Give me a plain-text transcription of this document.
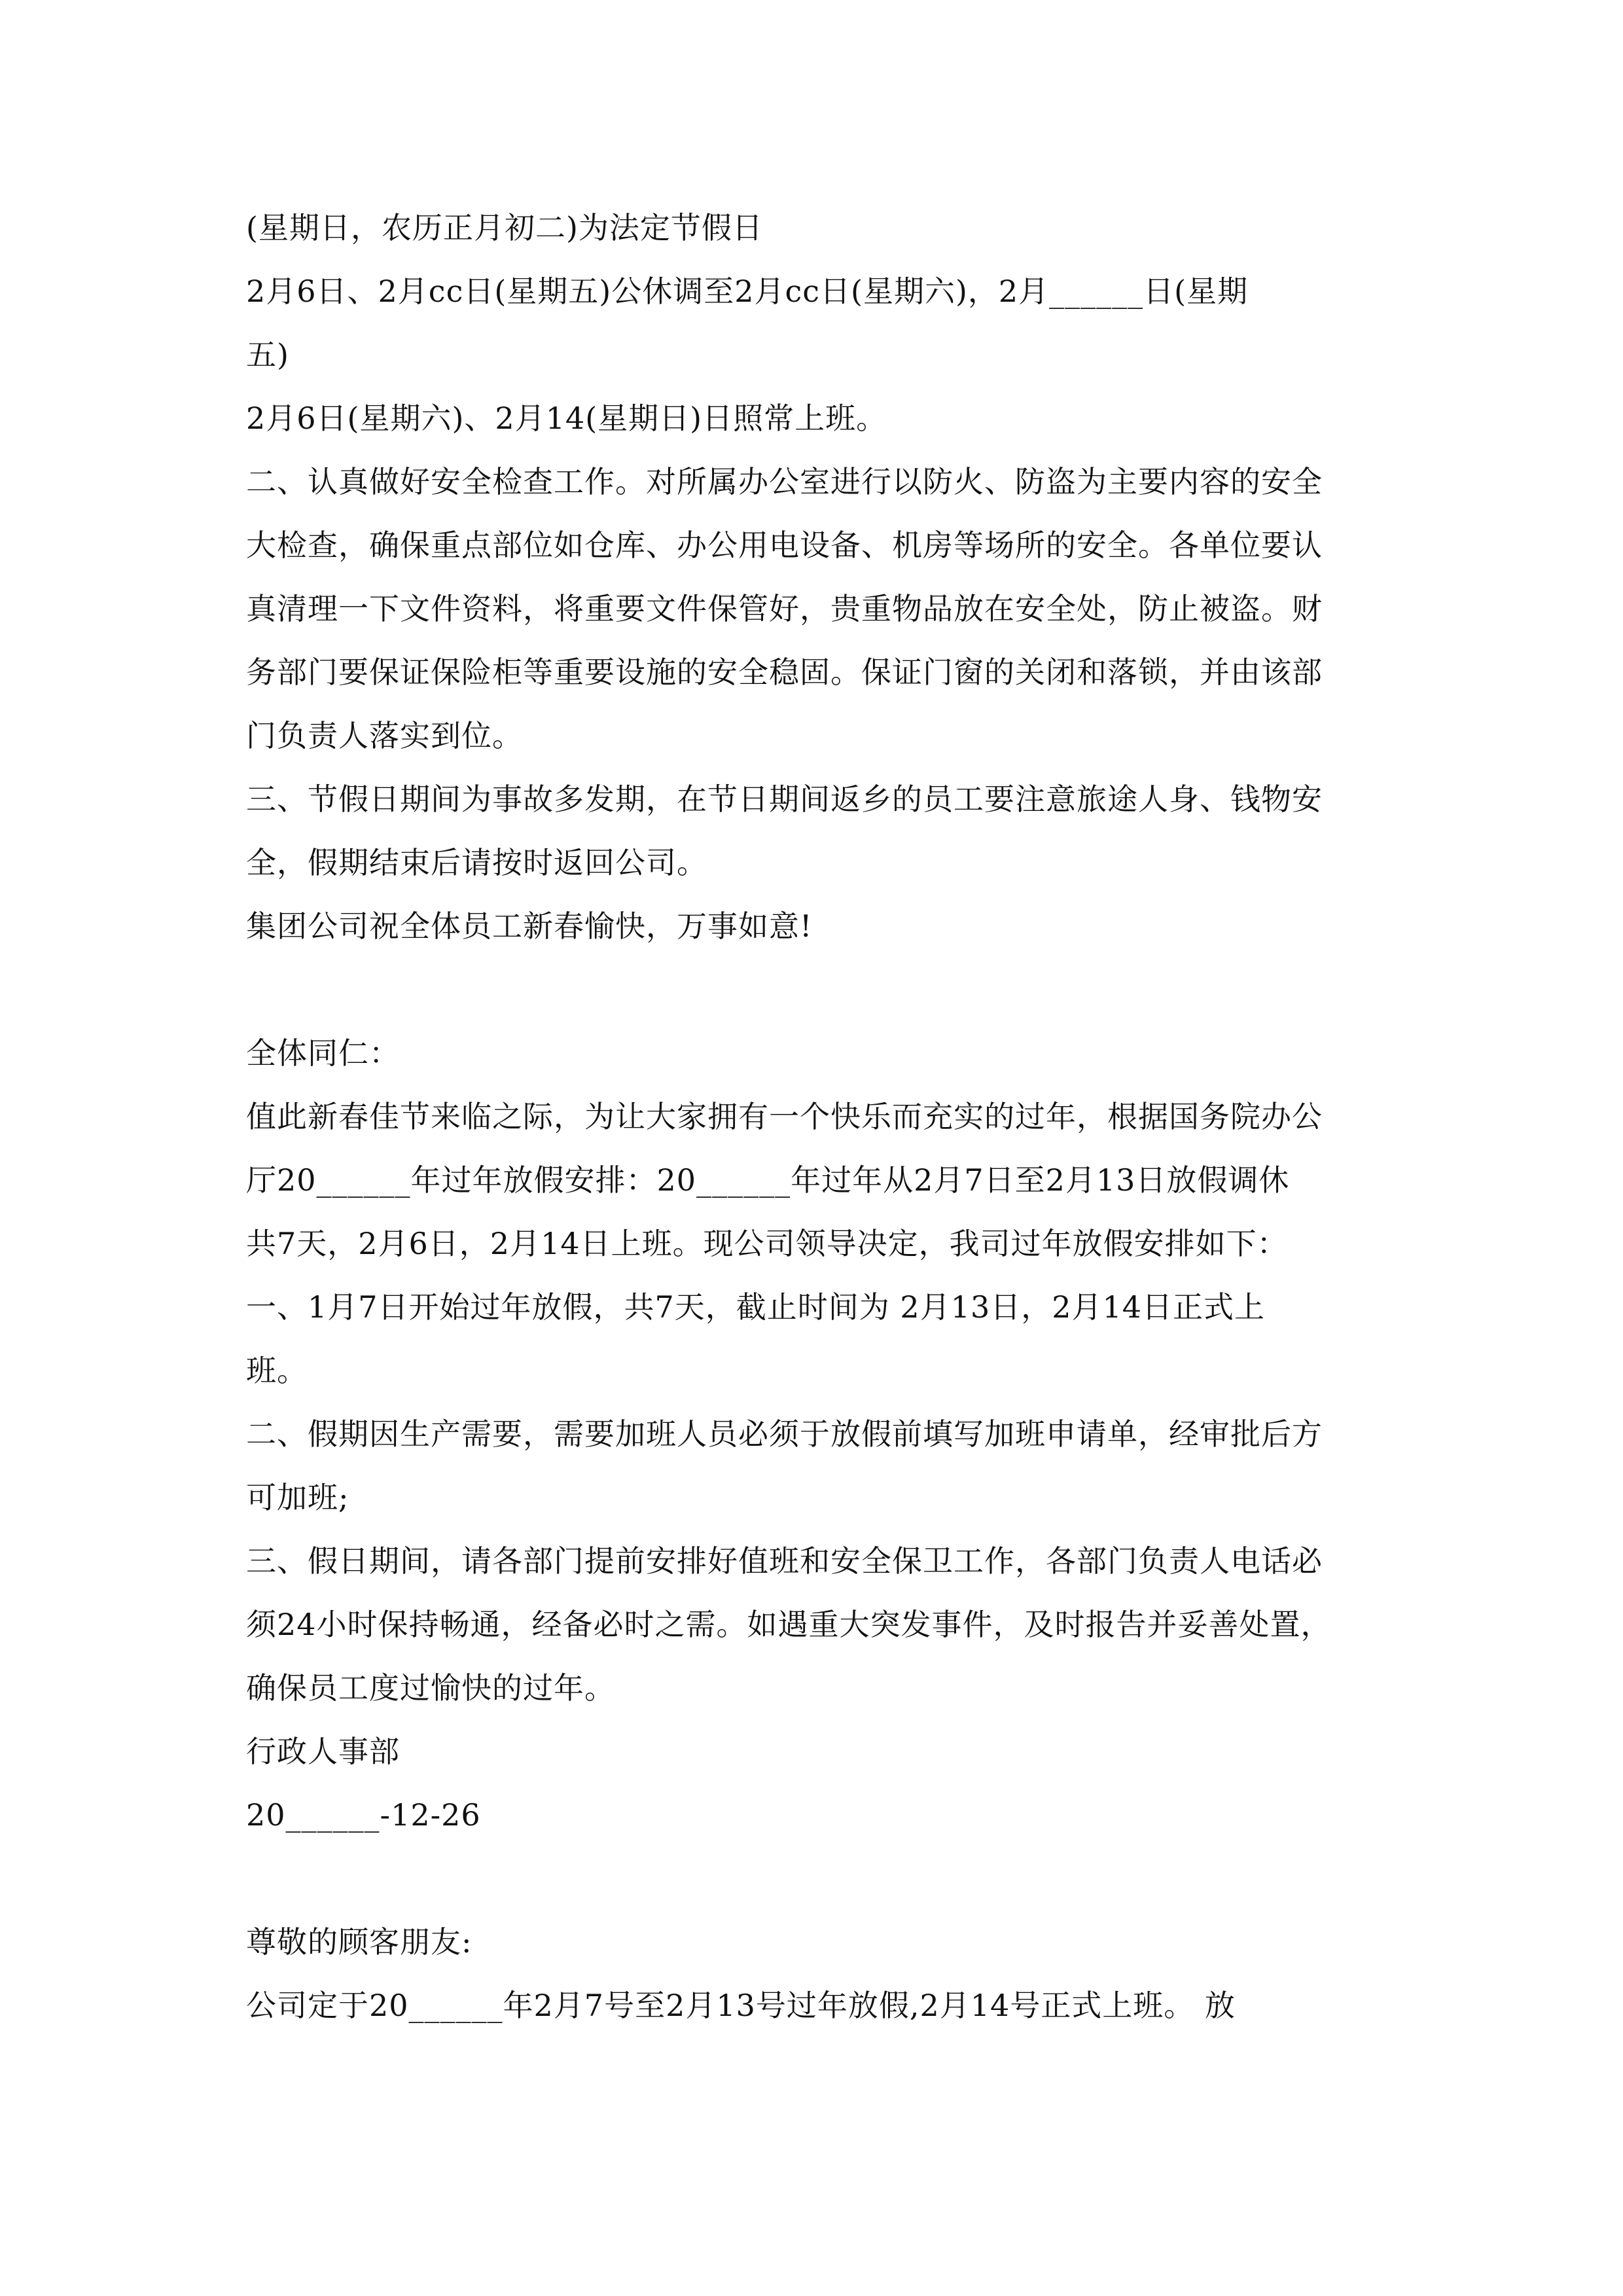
(星期日，农历正月初二)为法定节假日
2月6日、2月cc日(星期五)公休调至2月cc日(星期六)，2月______日(星期
五)
2月6日(星期六)、2月14(星期日)日照常上班。
二、认真做好安全检查工作。对所属办公室进行以防火、防盗为主要内容的安全
大检查，确保重点部位如仓库、办公用电设备、机房等场所的安全。各单位要认
真清理一下文件资料，将重要文件保管好，贵重物品放在安全处，防止被盗。财
务部门要保证保险柜等重要设施的安全稳固。保证门窗的关闭和落锁，并由该部
门负责人落实到位。
三、节假日期间为事故多发期，在节日期间返乡的员工要注意旅途人身、钱物安
全，假期结束后请按时返回公司。
集团公司祝全体员工新春愉快，万事如意!
全体同仁：
值此新春佳节来临之际，为让大家拥有一个快乐而充实的过年，根据国务院办公
厅20______年过年放假安排：20______年过年从2月7日至2月13日放假调休
共7天，2月6日，2月14日上班。现公司领导决定，我司过年放假安排如下：
一、1月7日开始过年放假，共7天，截止时间为 2月13日，2月14日正式上
班。
二、假期因生产需要，需要加班人员必须于放假前填写加班申请单，经审批后方
可加班;
三、假日期间，请各部门提前安排好值班和安全保卫工作，各部门负责人电话必
须24小时保持畅通，经备必时之需。如遇重大突发事件，及时报告并妥善处置，
确保员工度过愉快的过年。
行政人事部
20______-12-26
尊敬的顾客朋友:
公司定于20______年2月7号至2月13号过年放假,2月14号正式上班。 放
